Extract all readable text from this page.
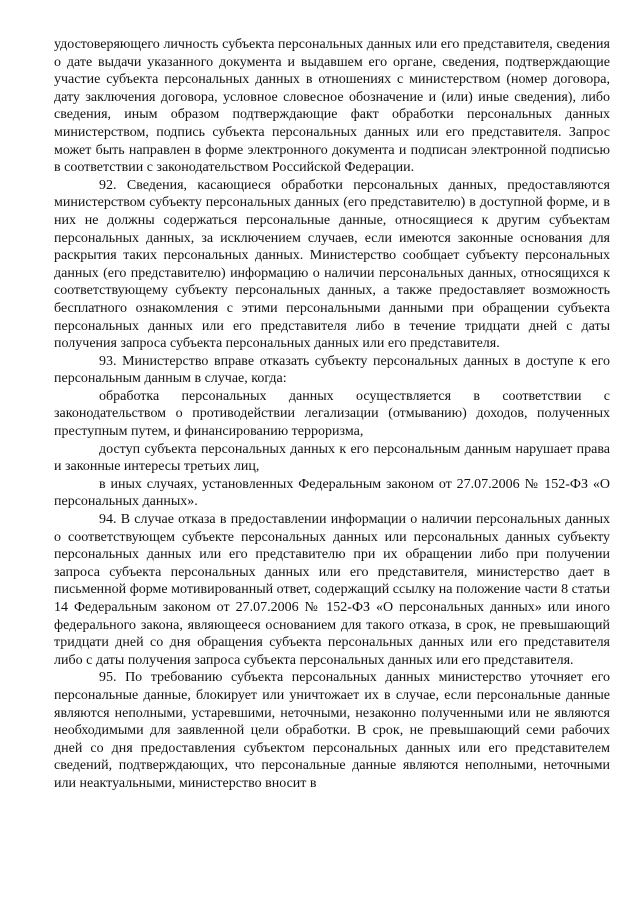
удостоверяющего личность субъекта персональных данных или его представителя, сведения о дате выдачи указанного документа и выдавшем его органе, сведения, подтверждающие участие субъекта персональных данных в отношениях с министерством (номер договора, дату заключения договора, условное словесное обозначение и (или) иные сведения), либо сведения, иным образом подтверждающие факт обработки персональных данных министерством, подпись субъекта персональных данных или его представителя. Запрос может быть направлен в форме электронного документа и подписан электронной подписью в соответствии с законодательством Российской Федерации.

92. Сведения, касающиеся обработки персональных данных, предоставляются министерством субъекту персональных данных (его представителю) в доступной форме, и в них не должны содержаться персональные данные, относящиеся к другим субъектам персональных данных, за исключением случаев, если имеются законные основания для раскрытия таких персональных данных. Министерство сообщает субъекту персональных данных (его представителю) информацию о наличии персональных данных, относящихся к соответствующему субъекту персональных данных, а также предоставляет возможность бесплатного ознакомления с этими персональными данными при обращении субъекта персональных данных или его представителя либо в течение тридцати дней с даты получения запроса субъекта персональных данных или его представителя.

93. Министерство вправе отказать субъекту персональных данных в доступе к его персональным данным в случае, когда:

обработка персональных данных осуществляется в соответствии с законодательством о противодействии легализации (отмыванию) доходов, полученных преступным путем, и финансированию терроризма,

доступ субъекта персональных данных к его персональным данным нарушает права и законные интересы третьих лиц,

в иных случаях, установленных Федеральным законом от 27.07.2006 № 152-ФЗ «О персональных данных».

94. В случае отказа в предоставлении информации о наличии персональных данных о соответствующем субъекте персональных данных или персональных данных субъекту персональных данных или его представителю при их обращении либо при получении запроса субъекта персональных данных или его представителя, министерство дает в письменной форме мотивированный ответ, содержащий ссылку на положение части 8 статьи 14 Федеральным законом от 27.07.2006 № 152-ФЗ «О персональных данных» или иного федерального закона, являющееся основанием для такого отказа, в срок, не превышающий тридцати дней со дня обращения субъекта персональных данных или его представителя либо с даты получения запроса субъекта персональных данных или его представителя.

95. По требованию субъекта персональных данных министерство уточняет его персональные данные, блокирует или уничтожает их в случае, если персональные данные являются неполными, устаревшими, неточными, незаконно полученными или не являются необходимыми для заявленной цели обработки. В срок, не превышающий семи рабочих дней со дня предоставления субъектом персональных данных или его представителем сведений, подтверждающих, что персональные данные являются неполными, неточными или неактуальными, министерство вносит в
